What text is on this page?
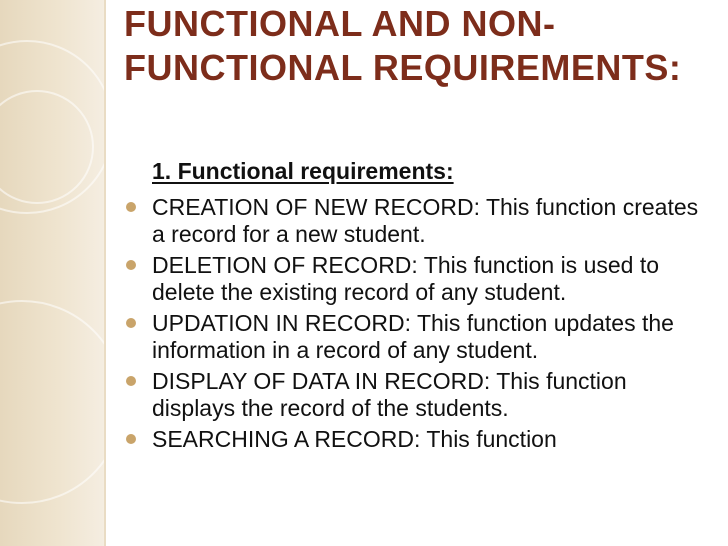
FUNCTIONAL AND NON-FUNCTIONAL REQUIREMENTS:

1. Functional requirements:

CREATION OF NEW RECORD: This function creates a record for a new student.
DELETION OF RECORD: This function is used to delete the existing record of any student.
UPDATION IN RECORD: This function updates the information in a record of any student.
DISPLAY OF DATA IN RECORD: This function displays the record of the students.
SEARCHING A RECORD: This function
